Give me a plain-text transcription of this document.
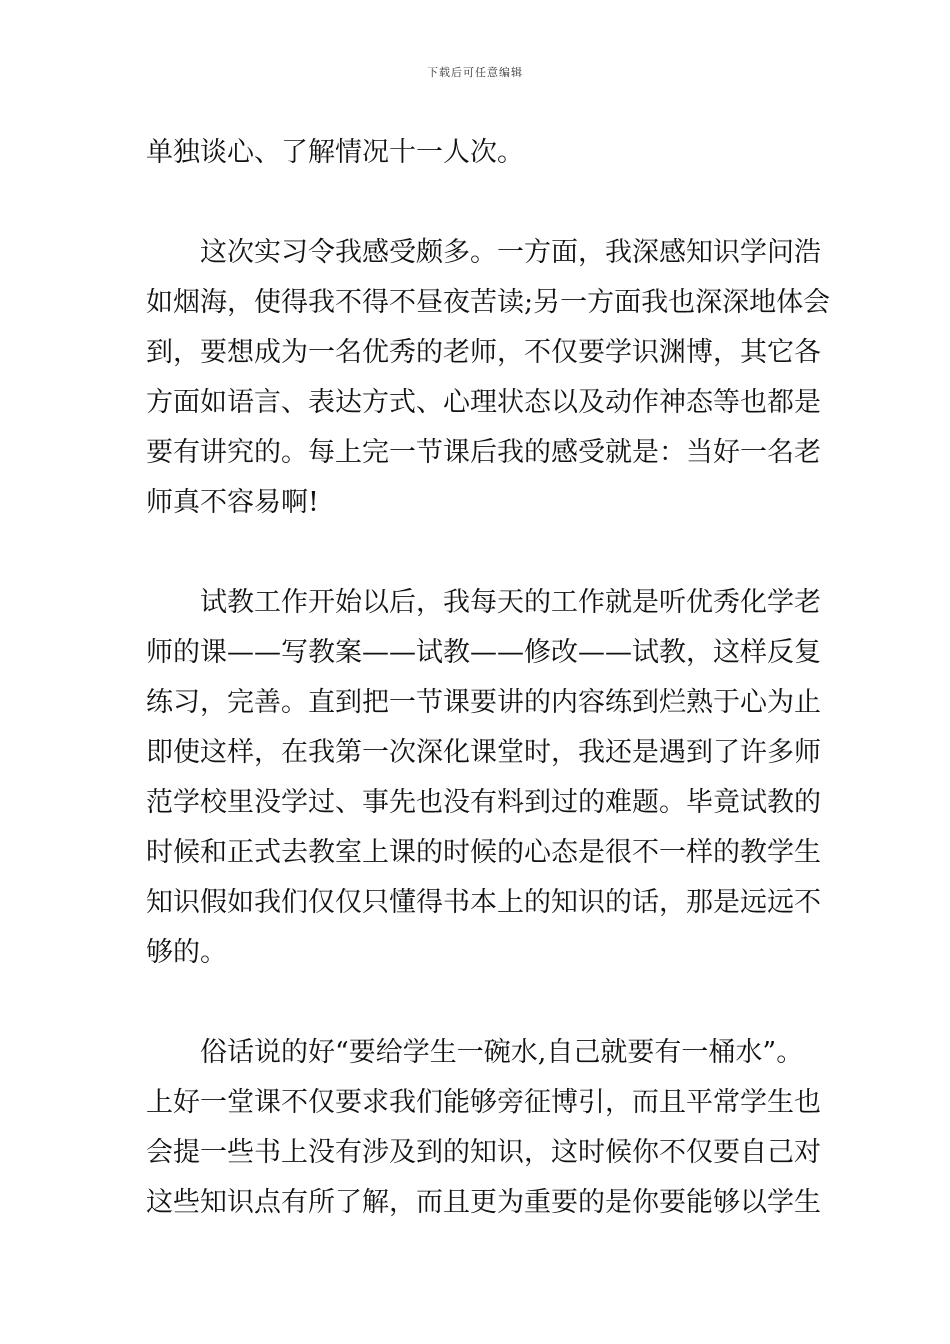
下载后可任意编辑
单独谈心、了解情况十一人次。
这次实习令我感受颇多。一方面，我深感知识学问浩
如烟海，使得我不得不昼夜苦读;另一方面我也深深地体会
到，要想成为一名优秀的老师，不仅要学识渊博，其它各
方面如语言、表达方式、心理状态以及动作神态等也都是
要有讲究的。每上完一节课后我的感受就是：当好一名老
师真不容易啊!
试教工作开始以后，我每天的工作就是听优秀化学老
师的课——写教案——试教——修改——试教，这样反复
练习，完善。直到把一节课要讲的内容练到烂熟于心为止
即使这样，在我第一次深化课堂时，我还是遇到了许多师
范学校里没学过、事先也没有料到过的难题。毕竟试教的
时候和正式去教室上课的时候的心态是很不一样的教学生
知识假如我们仅仅只懂得书本上的知识的话，那是远远不
够的。
俗话说的好“要给学生一碗水,自己就要有一桶水”。
上好一堂课不仅要求我们能够旁征博引，而且平常学生也
会提一些书上没有涉及到的知识，这时候你不仅要自己对
这些知识点有所了解，而且更为重要的是你要能够以学生
